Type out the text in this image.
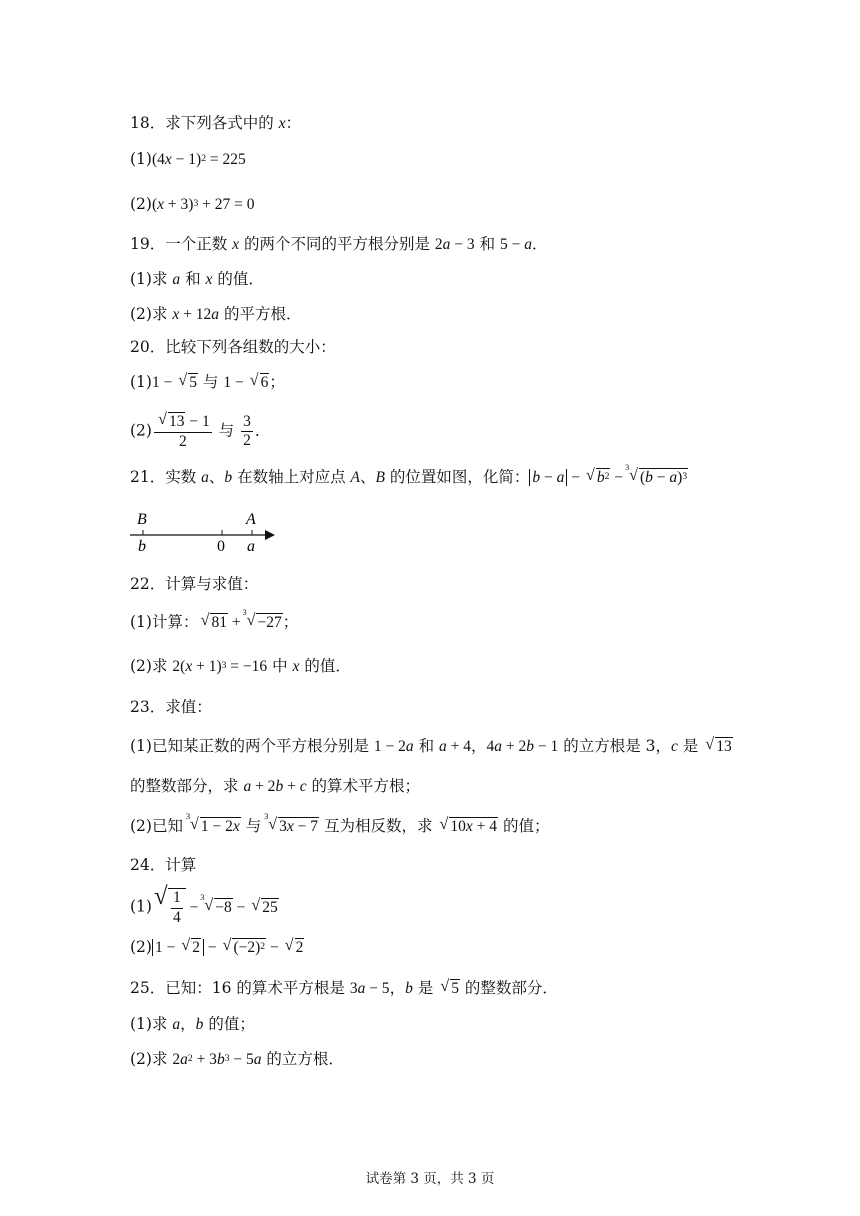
18．求下列各式中的 x：
$(1)(4x - 1)^2 = 225$
$(2)(x + 3)^3 + 27 = 0$
19．一个正数 x 的两个不同的平方根分别是 2a − 3 和 5 − a．
(1)求 a 和 x 的值．
(2)求 x + 12a 的平方根．
20．比较下列各组数的大小：
(1)1 − √ 5 与 1 − √ 6；
$(2) \frac{√ 13 - 1}{2}$ 与 $\frac{3}{2}$ ．
21．实数 a、b 在数轴上对应点 A、B 的位置如图，化简： b − a − √ $b^2$ −
3 √ $(b - a)^3$
B
b	0
A
a
22．计算与求值：
(1)计算： √ 81 +
3 √ −27；
(2)求 $2(x + 1)^3 = -16$ 中 x 的值．
23．求值：
(1)已知某正数的两个平方根分别是 1 − 2a 和 a + 4，4a + 2b − 1 的立方根是 3，c 是 √ 13
的整数部分，求 a + 2b + c 的算术平方根；
(2)已知
3 √ 1 − 2x 与
3 √ 3x − 7 互为相反数，求 √ 10x + 4 的值；
24．计算
(1) √ $\frac{1}{4}$ −
3 √ −8 − √ 25
(2) 1 − √ 2 − √ $(-2)^2$ − √ 2
25．已知：16 的算术平方根是 3a − 5，b 是 √ 5 的整数部分．
(1)求 a，b 的值；
(2)求 $2a^2 + 3b^3 - 5a$ 的立方根．
试卷第 3 页，共 3 页
